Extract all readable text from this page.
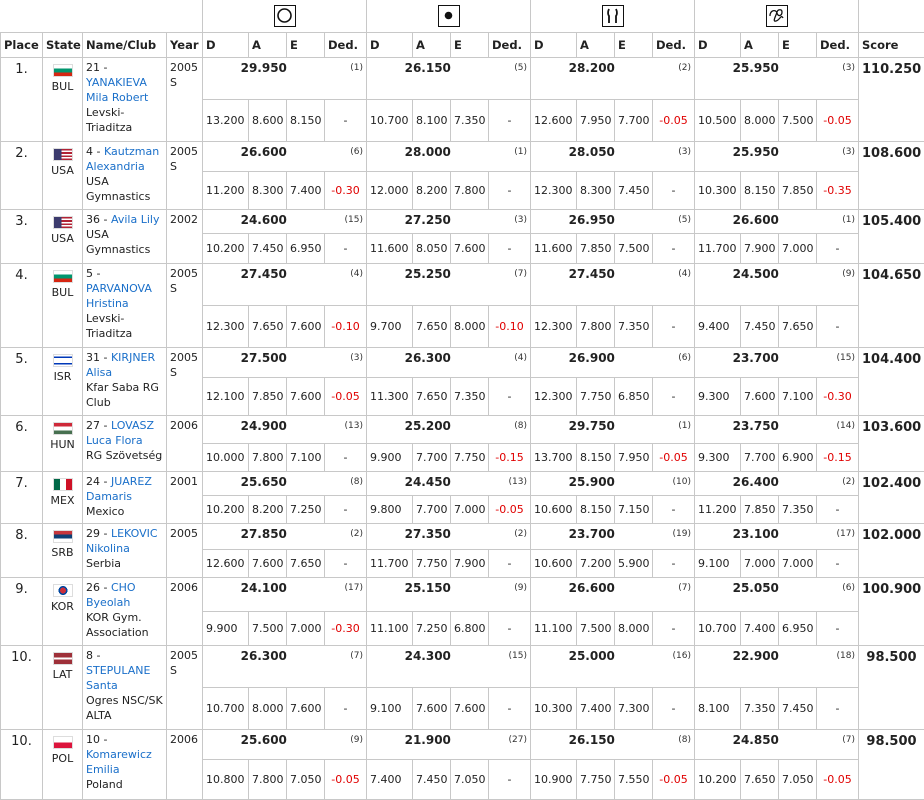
Place	State	Name/Club	Year	D	A	E	Ded.	D	A	E	Ded.	D	A	E	Ded.	D	A	E	Ded.	Score
1.	BUL	21 - YANAKIEVA Mila Robert
Levski-Triaditza	2005 S	29.950			(1)	26.150			(5)	28.200			(2)	25.950			(3)	110.250
				13.200	8.600	8.150	-	10.700	8.100	7.350	-	12.600	7.950	7.700	-0.05	10.500	8.000	7.500	-0.05	
2.	USA	4 - Kautzman Alexandria
USA Gymnastics	2005 S	26.600			(6)	28.000			(1)	28.050			(3)	25.950			(3)	108.600
				11.200	8.300	7.400	-0.30	12.000	8.200	7.800	-	12.300	8.300	7.450	-	10.300	8.150	7.850	-0.35	
3.	USA	36 - Avila Lily
USA Gymnastics	2002	24.600			(15)	27.250			(3)	26.950			(5)	26.600			(1)	105.400
				10.200	7.450	6.950	-	11.600	8.050	7.600	-	11.600	7.850	7.500	-	11.700	7.900	7.000	-	
4.	BUL	5 - PARVANOVA Hristina
Levski-Triaditza	2005 S	27.450			(4)	25.250			(7)	27.450			(4)	24.500			(9)	104.650
				12.300	7.650	7.600	-0.10	9.700	7.650	8.000	-0.10	12.300	7.800	7.350	-	9.400	7.450	7.650	-	
5.	ISR	31 - KIRJNER Alisa
Kfar Saba RG Club	2005 S	27.500			(3)	26.300			(4)	26.900			(6)	23.700			(15)	104.400
				12.100	7.850	7.600	-0.05	11.300	7.650	7.350	-	12.300	7.750	6.850	-	9.300	7.600	7.100	-0.30	
6.	HUN	27 - LOVASZ Luca Flora
RG Szövetség	2006	24.900			(13)	25.200			(8)	29.750			(1)	23.750			(14)	103.600
				10.000	7.800	7.100	-	9.900	7.700	7.750	-0.15	13.700	8.150	7.950	-0.05	9.300	7.700	6.900	-0.15	
7.	MEX	24 - JUAREZ Damaris
Mexico	2001	25.650			(8)	24.450			(13)	25.900			(10)	26.400			(2)	102.400
				10.200	8.200	7.250	-	9.800	7.700	7.000	-0.05	10.600	8.150	7.150	-	11.200	7.850	7.350	-	
8.	SRB	29 - LEKOVIC Nikolina
Serbia	2005	27.850			(2)	27.350			(2)	23.700			(19)	23.100			(17)	102.000
				12.600	7.600	7.650	-	11.700	7.750	7.900	-	10.600	7.200	5.900	-	9.100	7.000	7.000	-	
9.	KOR	26 - CHO Byeolah
KOR Gym. Association	2006	24.100			(17)	25.150			(9)	26.600			(7)	25.050			(6)	100.900
				9.900	7.500	7.000	-0.30	11.100	7.250	6.800	-	11.100	7.500	8.000	-	10.700	7.400	6.950	-	
10.	LAT	8 - STEPULANE Santa
Ogres NSC/SK ALTA	2005 S	26.300			(7)	24.300			(15)	25.000			(16)	22.900			(18)	98.500
				10.700	8.000	7.600	-	9.100	7.600	7.600	-	10.300	7.400	7.300	-	8.100	7.350	7.450	-	
10.	POL	10 - Komarewicz Emilia
Poland	2006	25.600			(9)	21.900			(27)	26.150			(8)	24.850			(7)	98.500
				10.800	7.800	7.050	-0.05	7.400	7.450	7.050	-	10.900	7.750	7.550	-0.05	10.200	7.650	7.050	-0.05	
